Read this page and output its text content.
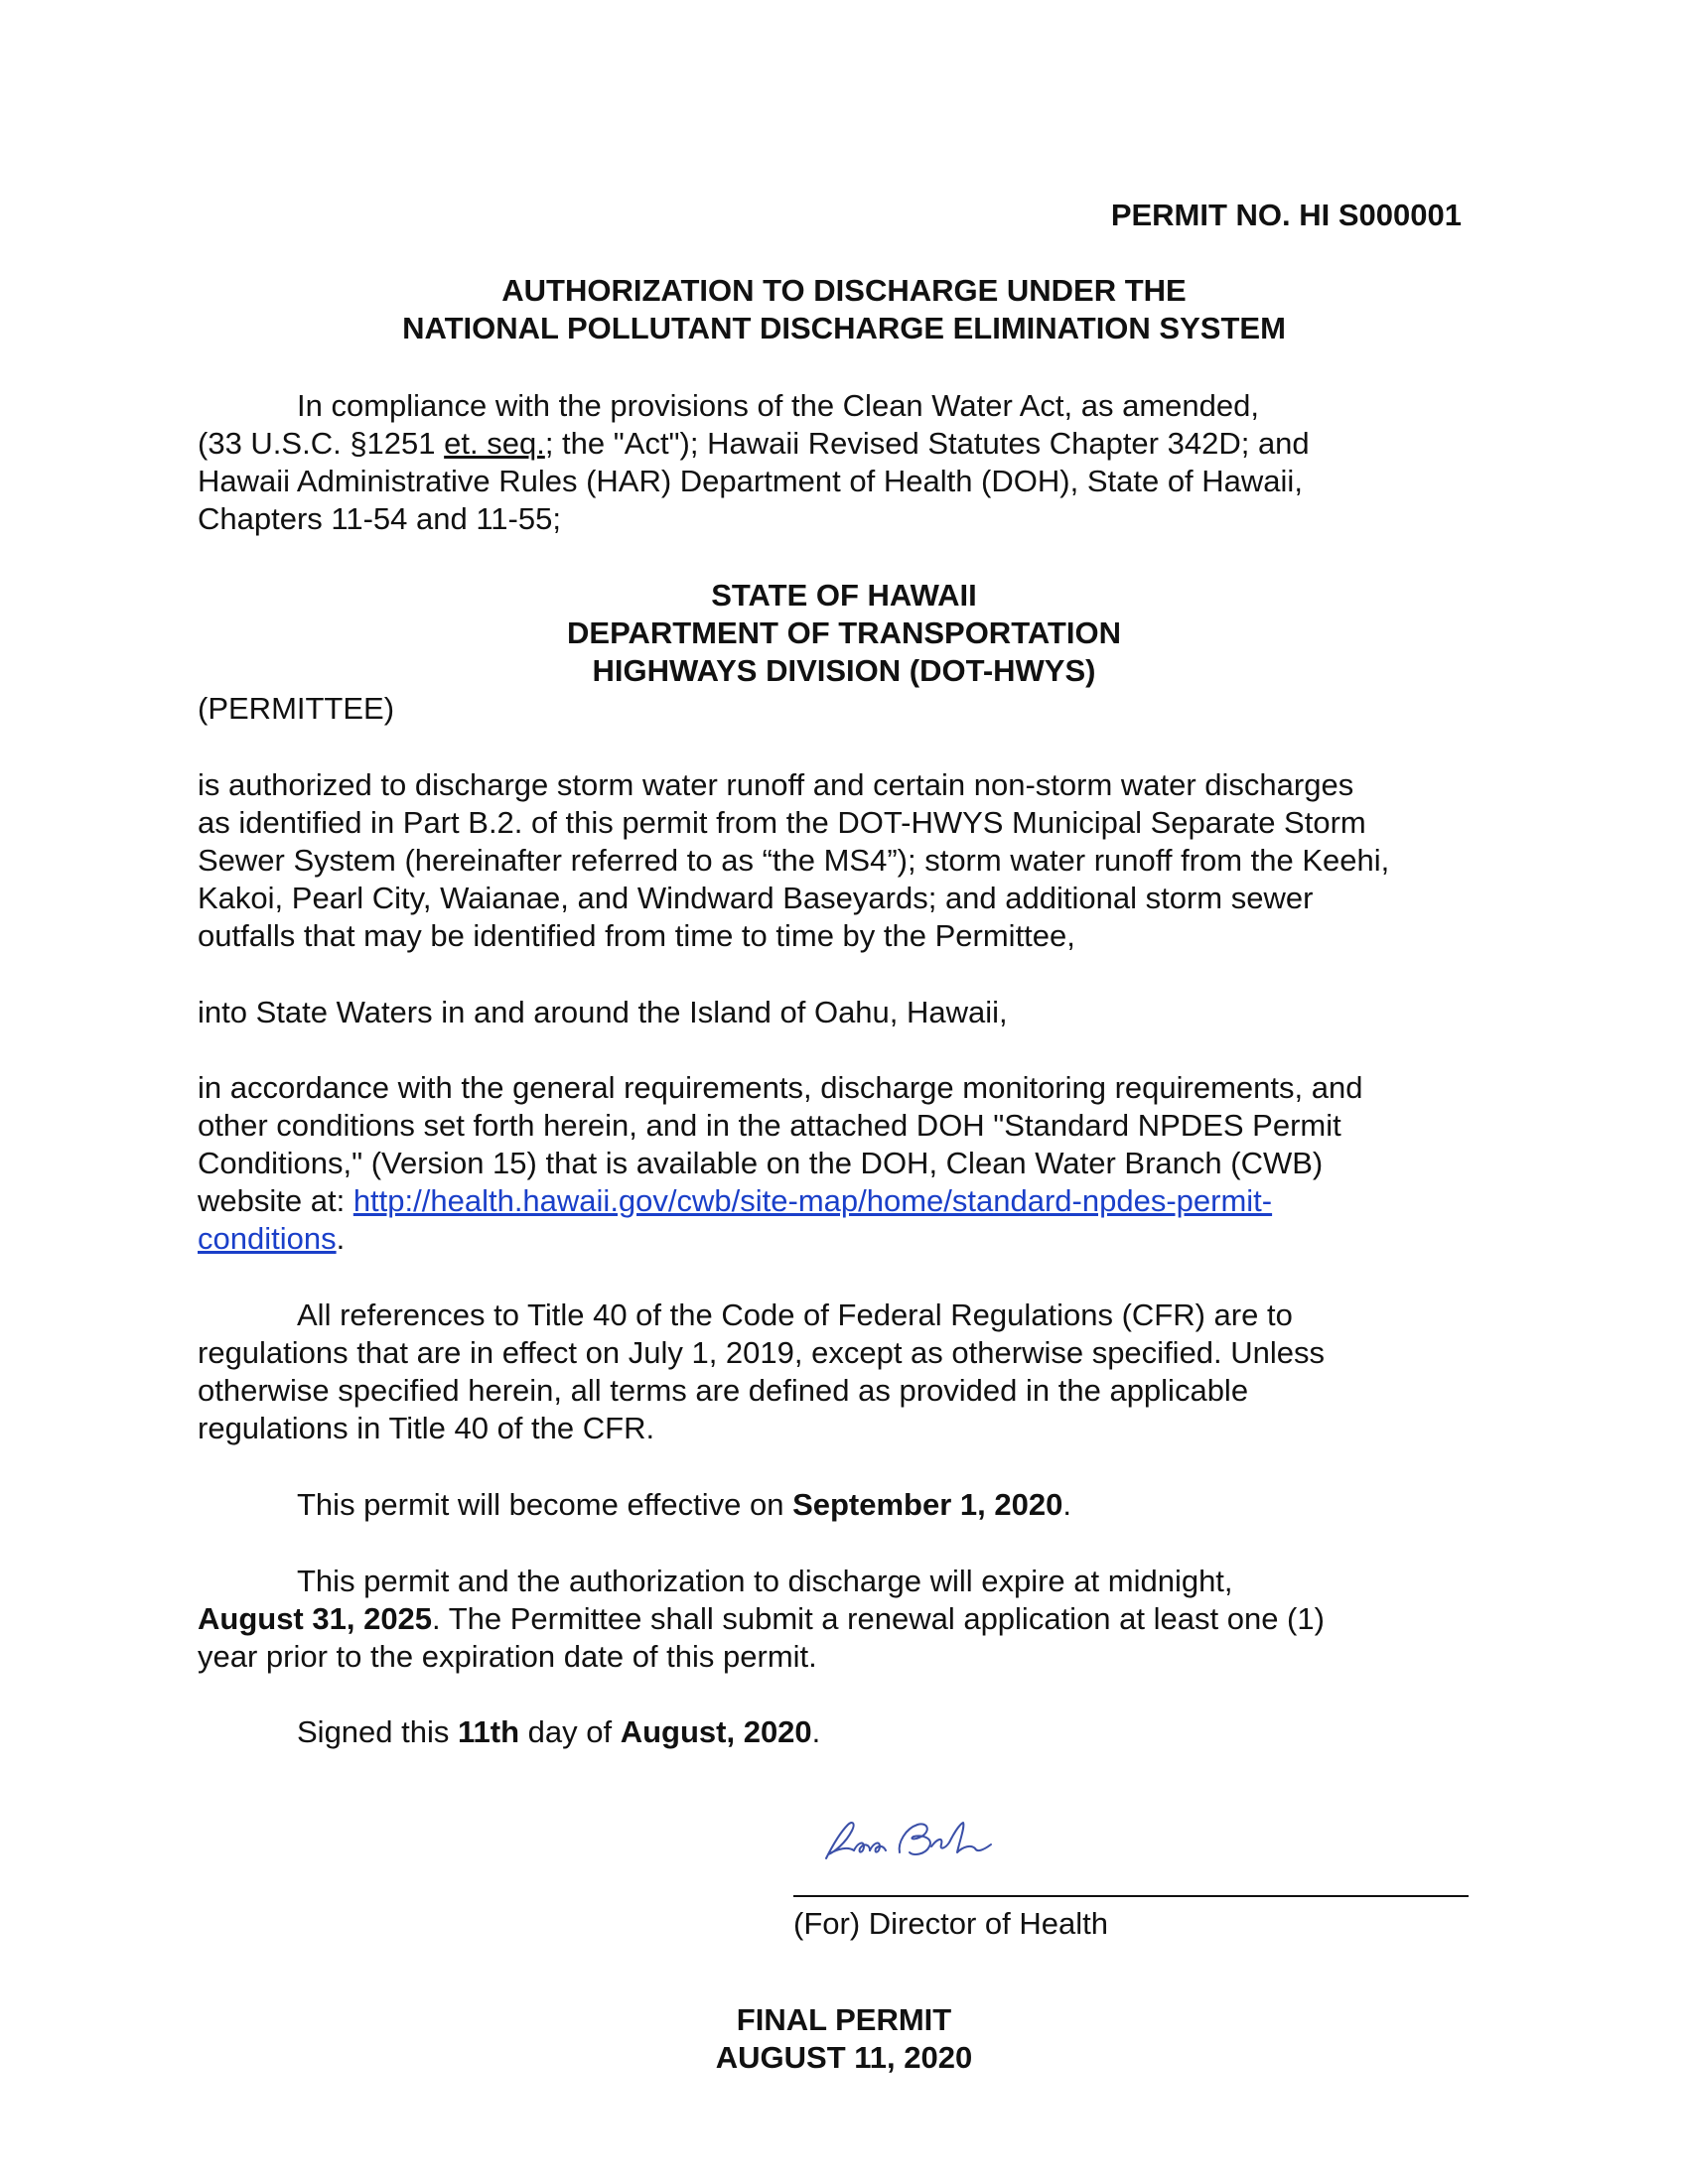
PERMIT NO. HI S000001
AUTHORIZATION TO DISCHARGE UNDER THE
NATIONAL POLLUTANT DISCHARGE ELIMINATION SYSTEM
In compliance with the provisions of the Clean Water Act, as amended,
(33 U.S.C. §1251 et. seq.; the "Act"); Hawaii Revised Statutes Chapter 342D; and
Hawaii Administrative Rules (HAR) Department of Health (DOH), State of Hawaii,
Chapters 11-54 and 11-55;
STATE OF HAWAII
DEPARTMENT OF TRANSPORTATION
HIGHWAYS DIVISION (DOT-HWYS)
(PERMITTEE)
is authorized to discharge storm water runoff and certain non-storm water discharges
as identified in Part B.2. of this permit from the DOT-HWYS Municipal Separate Storm
Sewer System (hereinafter referred to as “the MS4”); storm water runoff from the Keehi,
Kakoi, Pearl City, Waianae, and Windward Baseyards; and additional storm sewer
outfalls that may be identified from time to time by the Permittee,
into State Waters in and around the Island of Oahu, Hawaii,
in accordance with the general requirements, discharge monitoring requirements, and
other conditions set forth herein, and in the attached DOH "Standard NPDES Permit
Conditions," (Version 15) that is available on the DOH, Clean Water Branch (CWB)
website at: http://health.hawaii.gov/cwb/site-map/home/standard-npdes-permit-
conditions.
All references to Title 40 of the Code of Federal Regulations (CFR) are to
regulations that are in effect on July 1, 2019, except as otherwise specified. Unless
otherwise specified herein, all terms are defined as provided in the applicable
regulations in Title 40 of the CFR.
This permit will become effective on September 1, 2020.
This permit and the authorization to discharge will expire at midnight,
August 31, 2025. The Permittee shall submit a renewal application at least one (1)
year prior to the expiration date of this permit.
Signed this 11th day of August, 2020.
(For) Director of Health
FINAL PERMIT
AUGUST 11, 2020
